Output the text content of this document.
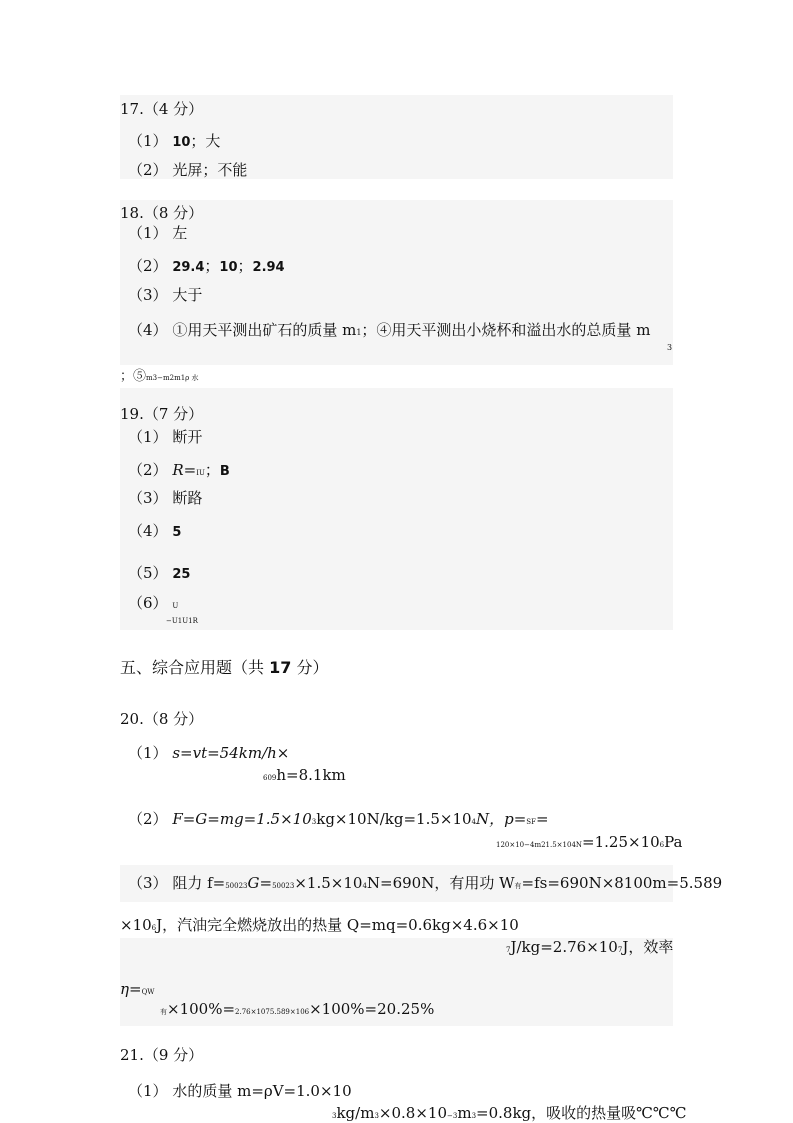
17.（4 分）
（1） 10；大
（2） 光屏；不能
18.（8 分）
（1） 左
（2） 29.4；10；2.94
（3） 大于
（4） ①用天平测出矿石的质量 m1；④用天平测出小烧杯和溢出水的总质量 m
3
；⑤m3−m2m1ρ 水
19.（7 分）
（1） 断开
（2） R=IU；B
（3） 断路
（4） 5
（5） 25
（6） U
−U1U1R
五、综合应用题（共 17 分）
20.（8 分）
（1） s=vt=54km/h×
609h=8.1km
（2） F=G=mg=1.5×103kg×10N/kg=1.5×104N，p=SF=
120×10−4m21.5×104N=1.25×106Pa
（3） 阻力 f=50023G=50023×1.5×104N=690N，有用功 W有=fs=690N×8100m=5.589
×106J，汽油完全燃烧放出的热量 Q=mq=0.6kg×4.6×10
7J/kg=2.76×107J，效率
η=QW
有×100%=2.76×1075.589×106×100%=20.25%
21.（9 分）
（1） 水的质量 m=ρV=1.0×10
3kg/m3×0.8×10−3m3=0.8kg，吸收的热量吸℃℃℃
